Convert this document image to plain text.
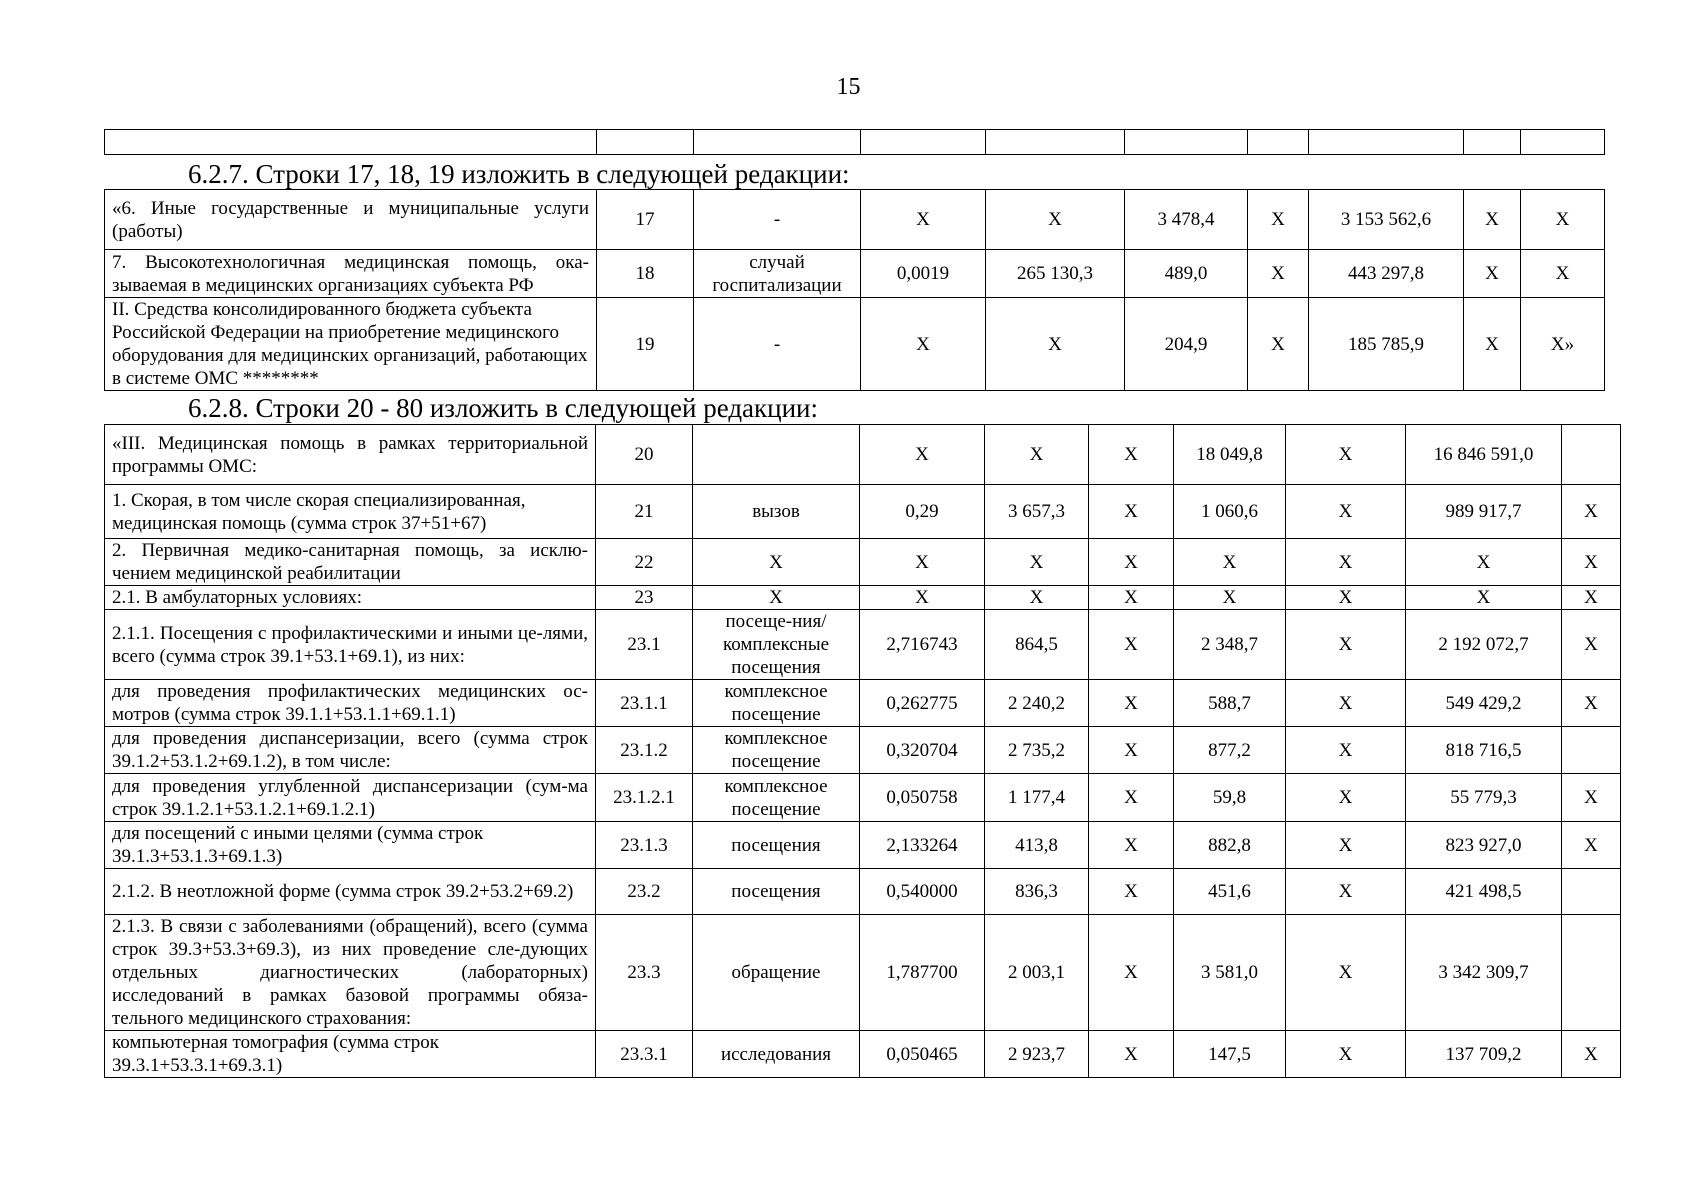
15

6.2.7. Строки 17, 18, 19 изложить в следующей редакции:
«6. Иные государственные и муниципальные услуги (работы)	17	-	X	X	3 478,4	X	3 153 562,6	X	X
7. Высокотехнологичная медицинская помощь, ока-зываемая в медицинских организациях субъекта РФ	18	случай госпитализации	0,0019	265 130,3	489,0	X	443 297,8	X	X
II. Средства консолидированного бюджета субъекта Российской Федерации на приобретение медицинского оборудования для медицинских организаций, работающих в системе ОМС ********	19	-	X	X	204,9	X	185 785,9	X	X»
6.2.8. Строки 20 - 80 изложить в следующей редакции:
«III. Медицинская помощь в рамках территориальной программы ОМС:	20		X	X	X	18 049,8	X	16 846 591,0	
1. Скорая, в том числе скорая специализированная, медицинская помощь (сумма строк 37+51+67)	21	вызов	0,29	3 657,3	X	1 060,6	X	989 917,7	X
2. Первичная медико-санитарная помощь, за исклю-чением медицинской реабилитации	22	X	X	X	X	X	X	X	X
2.1. В амбулаторных условиях:	23	X	X	X	X	X	X	X	X
2.1.1. Посещения с профилактическими и иными це-лями, всего (сумма строк 39.1+53.1+69.1), из них:	23.1	посеще-ния/комплексные посещения	2,716743	864,5	X	2 348,7	X	2 192 072,7	X
для проведения профилактических медицинских ос-мотров (сумма строк 39.1.1+53.1.1+69.1.1)	23.1.1	комплексное посещение	0,262775	2 240,2	X	588,7	X	549 429,2	X
для проведения диспансеризации, всего (сумма строк 39.1.2+53.1.2+69.1.2), в том числе:	23.1.2	комплексное посещение	0,320704	2 735,2	X	877,2	X	818 716,5	
для проведения углубленной диспансеризации (сум-ма строк 39.1.2.1+53.1.2.1+69.1.2.1)	23.1.2.1	комплексное посещение	0,050758	1 177,4	X	59,8	X	55 779,3	X
для посещений с иными целями (сумма строк 39.1.3+53.1.3+69.1.3)	23.1.3	посещения	2,133264	413,8	X	882,8	X	823 927,0	X
2.1.2. В неотложной форме (сумма строк 39.2+53.2+69.2)	23.2	посещения	0,540000	836,3	X	451,6	X	421 498,5	
2.1.3. В связи с заболеваниями (обращений), всего (сумма строк 39.3+53.3+69.3), из них проведение сле-дующих отдельных диагностических (лабораторных) исследований в рамках базовой программы обяза-тельного медицинского страхования:	23.3	обращение	1,787700	2 003,1	X	3 581,0	X	3 342 309,7	
компьютерная томография (сумма строк 39.3.1+53.3.1+69.3.1)	23.3.1	исследования	0,050465	2 923,7	X	147,5	X	137 709,2	X
